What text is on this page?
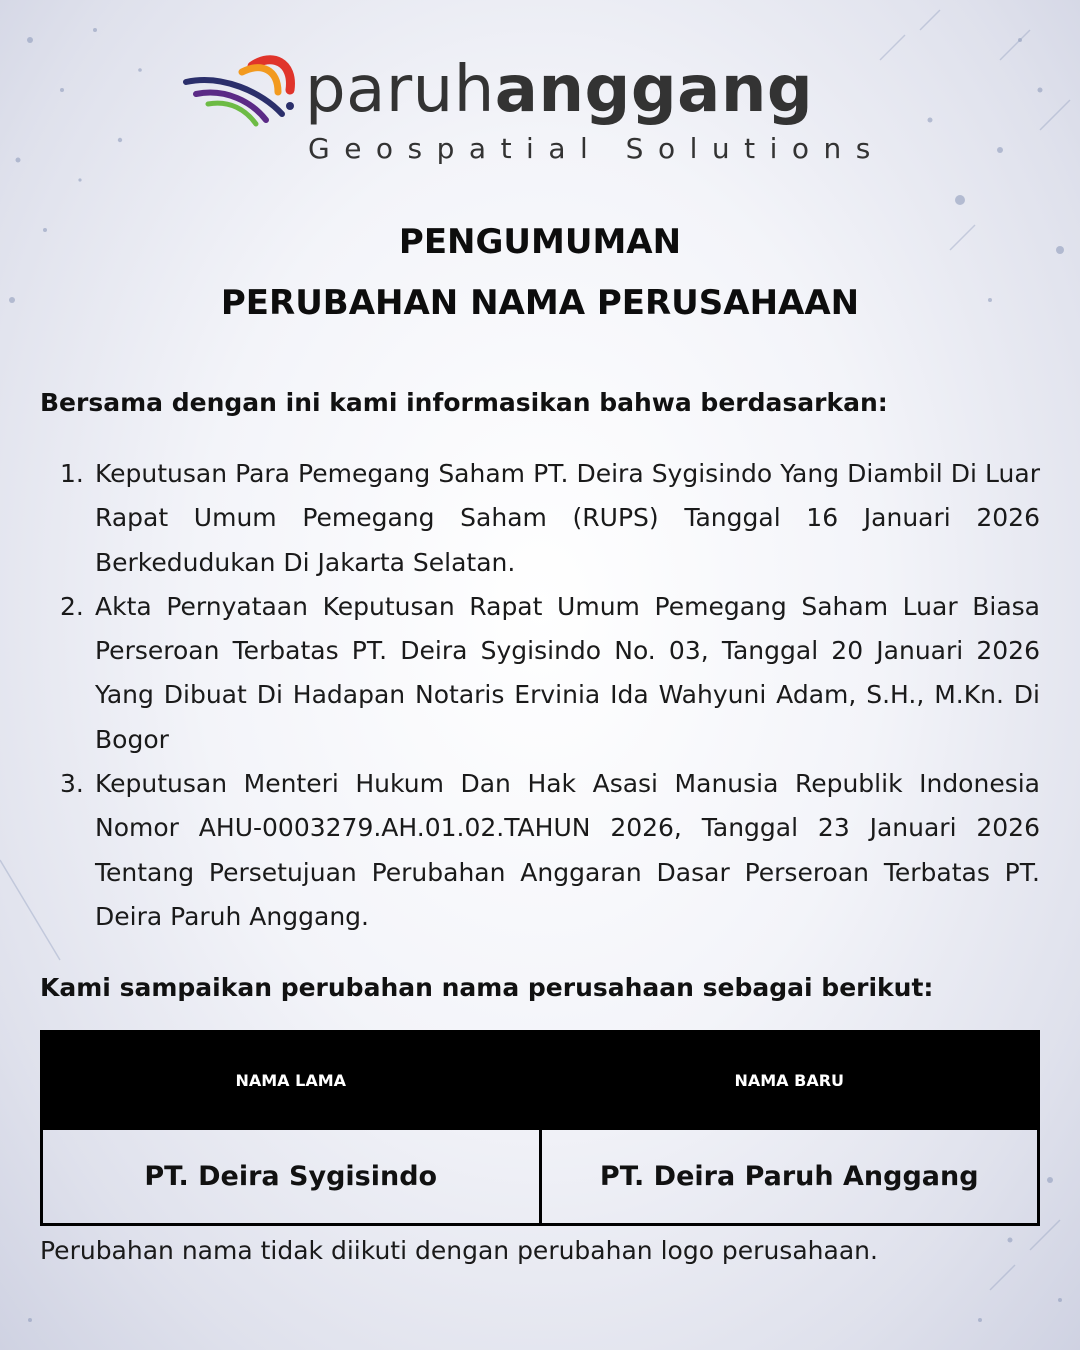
paruhanggang
Geospatial Solutions
PENGUMUMAN
PERUBAHAN NAMA PERUSAHAAN
Bersama dengan ini kami informasikan bahwa berdasarkan:
1. Keputusan Para Pemegang Saham PT. Deira Sygisindo Yang Diambil Di Luar Rapat Umum Pemegang Saham (RUPS) Tanggal 16 Januari 2026 Berkedudukan Di Jakarta Selatan.
2. Akta Pernyataan Keputusan Rapat Umum Pemegang Saham Luar Biasa Perseroan Terbatas PT. Deira Sygisindo No. 03, Tanggal 20 Januari 2026 Yang Dibuat Di Hadapan Notaris Ervinia Ida Wahyuni Adam, S.H., M.Kn. Di Bogor
3. Keputusan Menteri Hukum Dan Hak Asasi Manusia Republik Indonesia Nomor AHU-0003279.AH.01.02.TAHUN 2026, Tanggal 23 Januari 2026 Tentang Persetujuan Perubahan Anggaran Dasar Perseroan Terbatas PT. Deira Paruh Anggang.
Kami sampaikan perubahan nama perusahaan sebagai berikut:
NAMA LAMA	NAMA BARU
PT. Deira Sygisindo	PT. Deira Paruh Anggang
Perubahan nama tidak diikuti dengan perubahan logo perusahaan.
